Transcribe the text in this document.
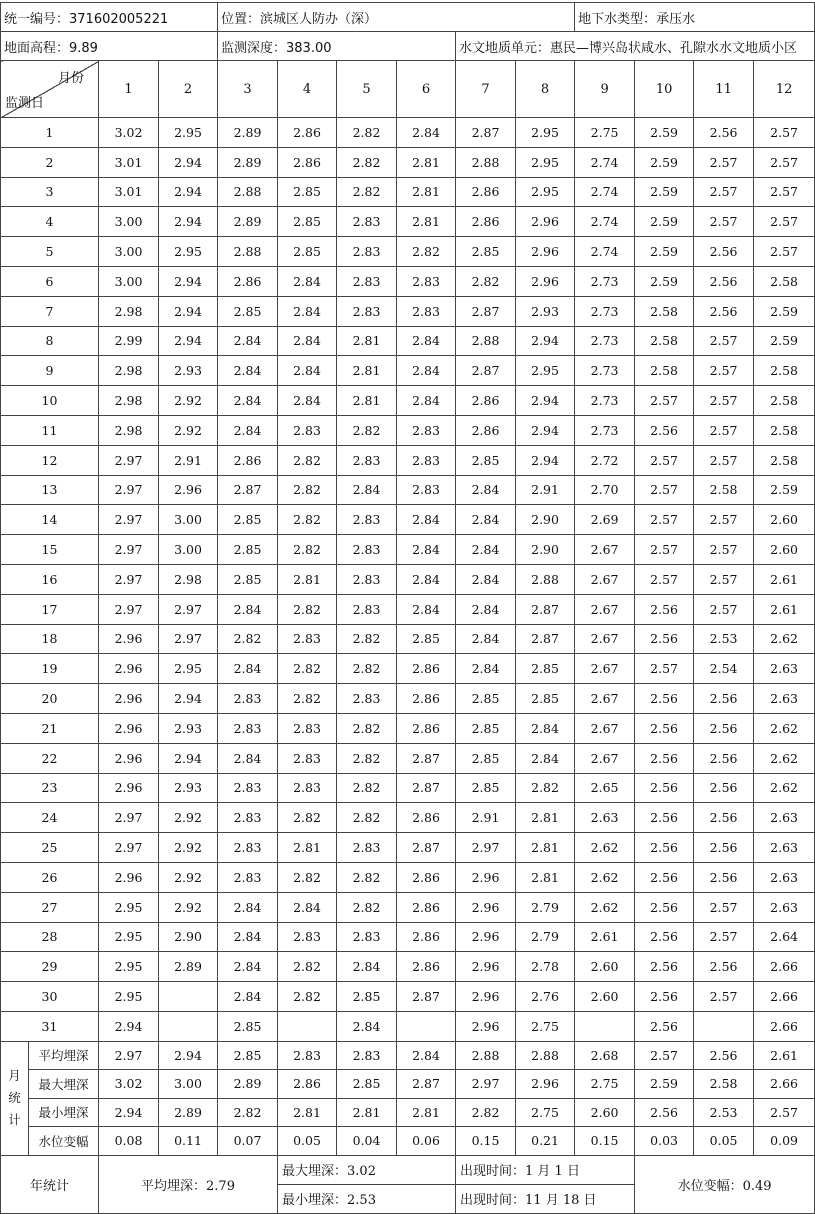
统一编号：371602005221				位置：滨城区人防办（深）						地下水类型：承压水			
地面高程：9.89				监测深度：383.00				水文地质单元：惠民—博兴岛状咸水、孔隙水水文地质小区					

月份
监测日		1	2	3	4	5	6	7	8	9	10	11	12
1		3.02	2.95	2.89	2.86	2.82	2.84	2.87	2.95	2.75	2.59	2.56	2.57
2		3.01	2.94	2.89	2.86	2.82	2.81	2.88	2.95	2.74	2.59	2.57	2.57
3		3.01	2.94	2.88	2.85	2.82	2.81	2.86	2.95	2.74	2.59	2.57	2.57
4		3.00	2.94	2.89	2.85	2.83	2.81	2.86	2.96	2.74	2.59	2.57	2.57
5		3.00	2.95	2.88	2.85	2.83	2.82	2.85	2.96	2.74	2.59	2.56	2.57
6		3.00	2.94	2.86	2.84	2.83	2.83	2.82	2.96	2.73	2.59	2.56	2.58
7		2.98	2.94	2.85	2.84	2.83	2.83	2.87	2.93	2.73	2.58	2.56	2.59
8		2.99	2.94	2.84	2.84	2.81	2.84	2.88	2.94	2.73	2.58	2.57	2.59
9		2.98	2.93	2.84	2.84	2.81	2.84	2.87	2.95	2.73	2.58	2.57	2.58
10		2.98	2.92	2.84	2.84	2.81	2.84	2.86	2.94	2.73	2.57	2.57	2.58
11		2.98	2.92	2.84	2.83	2.82	2.83	2.86	2.94	2.73	2.56	2.57	2.58
12		2.97	2.91	2.86	2.82	2.83	2.83	2.85	2.94	2.72	2.57	2.57	2.58
13		2.97	2.96	2.87	2.82	2.84	2.83	2.84	2.91	2.70	2.57	2.58	2.59
14		2.97	3.00	2.85	2.82	2.83	2.84	2.84	2.90	2.69	2.57	2.57	2.60
15		2.97	3.00	2.85	2.82	2.83	2.84	2.84	2.90	2.67	2.57	2.57	2.60
16		2.97	2.98	2.85	2.81	2.83	2.84	2.84	2.88	2.67	2.57	2.57	2.61
17		2.97	2.97	2.84	2.82	2.83	2.84	2.84	2.87	2.67	2.56	2.57	2.61
18		2.96	2.97	2.82	2.83	2.82	2.85	2.84	2.87	2.67	2.56	2.53	2.62
19		2.96	2.95	2.84	2.82	2.82	2.86	2.84	2.85	2.67	2.57	2.54	2.63
20		2.96	2.94	2.83	2.82	2.83	2.86	2.85	2.85	2.67	2.56	2.56	2.63
21		2.96	2.93	2.83	2.83	2.82	2.86	2.85	2.84	2.67	2.56	2.56	2.62
22		2.96	2.94	2.84	2.83	2.82	2.87	2.85	2.84	2.67	2.56	2.56	2.62
23		2.96	2.93	2.83	2.83	2.82	2.87	2.85	2.82	2.65	2.56	2.56	2.62
24		2.97	2.92	2.83	2.82	2.82	2.86	2.91	2.81	2.63	2.56	2.56	2.63
25		2.97	2.92	2.83	2.81	2.83	2.87	2.97	2.81	2.62	2.56	2.56	2.63
26		2.96	2.92	2.83	2.82	2.82	2.86	2.96	2.81	2.62	2.56	2.56	2.63
27		2.95	2.92	2.84	2.84	2.82	2.86	2.96	2.79	2.62	2.56	2.57	2.63
28		2.95	2.90	2.84	2.83	2.83	2.86	2.96	2.79	2.61	2.56	2.57	2.64
29		2.95	2.89	2.84	2.82	2.84	2.86	2.96	2.78	2.60	2.56	2.56	2.66
30		2.95		2.84	2.82	2.85	2.87	2.96	2.76	2.60	2.56	2.57	2.66
31		2.94		2.85		2.84		2.96	2.75		2.56		2.66

月
统
计	平均埋深	2.97	2.94	2.85	2.83	2.83	2.84	2.88	2.88	2.68	2.57	2.56	2.61
	最大埋深	3.02	3.00	2.89	2.86	2.85	2.87	2.97	2.96	2.75	2.59	2.58	2.66
	最小埋深	2.94	2.89	2.82	2.81	2.81	2.81	2.82	2.75	2.60	2.56	2.53	2.57
	水位变幅	0.08	0.11	0.07	0.05	0.04	0.06	0.15	0.21	0.15	0.03	0.05	0.09
年统计		平均埋深：2.79			最大埋深：3.02			出现时间：1 月 1 日			水位变幅：0.49		
					最小埋深：2.53			出现时间：11 月 18 日					
